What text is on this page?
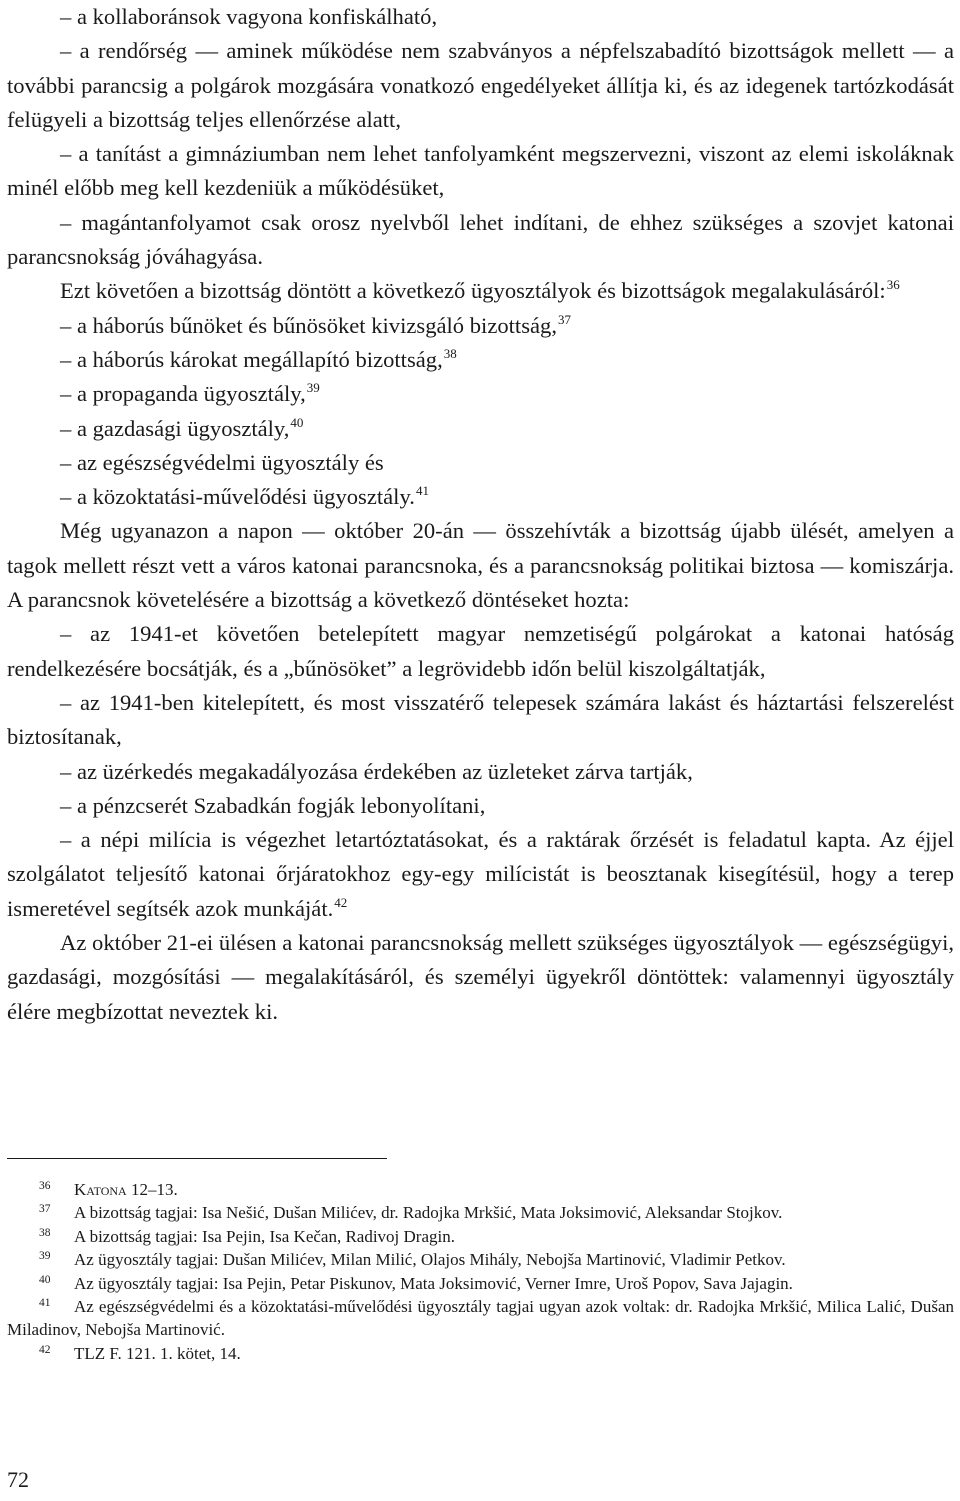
– a kollaboránsok vagyona konfiskálható,

– a rendőrség — aminek működése nem szabványos a népfelszabadító bizottságok mellett — a további parancsig a polgárok mozgására vonatkozó engedélyeket állítja ki, és az idegenek tartózkodását felügyeli a bizottság teljes ellenőrzése alatt,

– a tanítást a gimnáziumban nem lehet tanfolyamként megszervezni, viszont az elemi iskoláknak minél előbb meg kell kezdeniük a működésüket,

– magántanfolyamot csak orosz nyelvből lehet indítani, de ehhez szükséges a szovjet katonai parancsnokság jóváhagyása.

Ezt követően a bizottság döntött a következő ügyosztályok és bizottságok megalakulásáról:$^{36}$

– a háborús bűnöket és bűnösöket kivizsgáló bizottság,$^{37}$

– a háborús károkat megállapító bizottság,$^{38}$

– a propaganda ügyosztály,$^{39}$

– a gazdasági ügyosztály,$^{40}$

– az egészségvédelmi ügyosztály és

– a közoktatási-művelődési ügyosztály.$^{41}$

Még ugyanazon a napon — október 20-án — összehívták a bizottság újabb ülését, amelyen a tagok mellett részt vett a város katonai parancsnoka, és a parancsnokság politikai biztosa — komiszárja. A parancsnok követelésére a bizottság a következő döntéseket hozta:

– az 1941-et követően betelepített magyar nemzetiségű polgárokat a katonai hatóság rendelkezésére bocsátják, és a „bűnösöket” a legrövidebb időn belül kiszolgáltatják,

– az 1941-ben kitelepített, és most visszatérő telepesek számára lakást és háztartási felszerelést biztosítanak,

– az üzérkedés megakadályozása érdekében az üzleteket zárva tartják,

– a pénzcserét Szabadkán fogják lebonyolítani,

– a népi milícia is végezhet letartóztatásokat, és a raktárak őrzését is feladatul kapta. Az éjjel szolgálatot teljesítő katonai őrjáratokhoz egy-egy milícistát is beosztanak kisegítésül, hogy a terep ismeretével segítsék azok munkáját.$^{42}$

Az október 21-ei ülésen a katonai parancsnokság mellett szükséges ügyosztályok — egészségügyi, gazdasági, mozgósítási — megalakításáról, és személyi ügyekről döntöttek: valamennyi ügyosztály élére megbízottat neveztek ki.

36 Katona 12–13.

37 A bizottság tagjai: Isa Nešić, Dušan Milićev, dr. Radojka Mrkšić, Mata Joksimović, Aleksandar Stojkov.

38 A bizottság tagjai: Isa Pejin, Isa Kečan, Radivoj Dragin.

39 Az ügyosztály tagjai: Dušan Milićev, Milan Milić, Olajos Mihály, Nebojša Martinović, Vladimir Petkov.

40 Az ügyosztály tagjai: Isa Pejin, Petar Piskunov, Mata Joksimović, Verner Imre, Uroš Popov, Sava Jajagin.

41 Az egészségvédelmi és a közoktatási-művelődési ügyosztály tagjai ugyan azok voltak: dr. Radojka Mrkšić, Milica Lalić, Dušan Miladinov, Nebojša Martinović.

42 TLZ F. 121. 1. kötet, 14.

72
